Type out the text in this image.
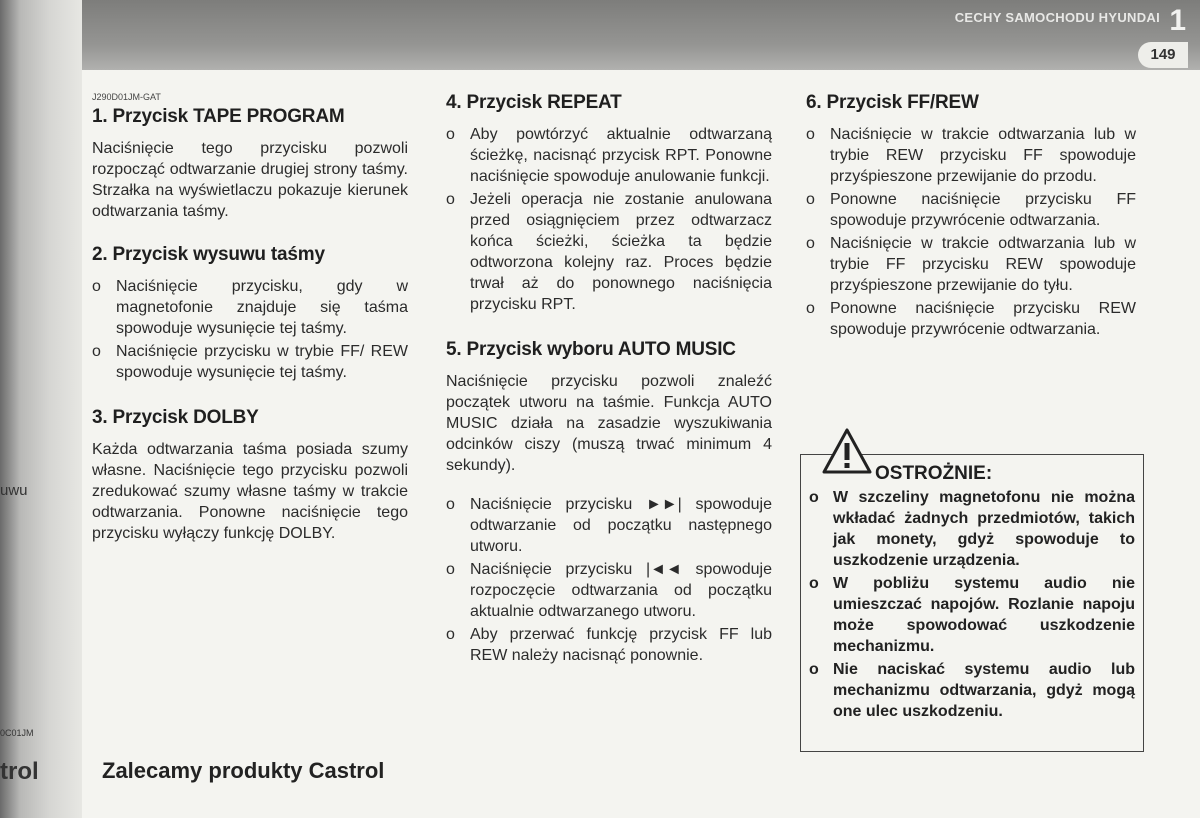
uwu
0C01JM
trol
CECHY SAMOCHODU HYUNDAI 1
149
J290D01JM-GAT
1. Przycisk TAPE PROGRAM

Naciśnięcie tego przycisku pozwoli rozpocząć odtwarzanie drugiej strony taśmy. Strzałka na wyświetlaczu pokazuje kierunek odtwarzania taśmy.

2. Przycisk wysuwu taśmy
o Naciśnięcie przycisku, gdy w magnetofonie znajduje się taśma spowoduje wysunięcie tej taśmy.
o Naciśnięcie przycisku w trybie FF/ REW spowoduje wysunięcie tej taśmy.
3. Przycisk DOLBY

Każda odtwarzania taśma posiada szumy własne. Naciśnięcie tego przycisku pozwoli zredukować szumy własne taśmy w trakcie odtwarzania. Ponowne naciśnięcie tego przycisku wyłączy funkcję DOLBY.

4. Przycisk REPEAT
o Aby powtórzyć aktualnie odtwarzaną ścieżkę, nacisnąć przycisk RPT. Ponowne naciśnięcie spowoduje anulowanie funkcji.
o Jeżeli operacja nie zostanie anulowana przed osiągnięciem przez odtwarzacz końca ścieżki, ścieżka ta będzie odtworzona kolejny raz. Proces będzie trwał aż do ponownego naciśnięcia przycisku RPT.
5. Przycisk wyboru AUTO MUSIC

Naciśnięcie przycisku pozwoli znaleźć początek utworu na taśmie. Funkcja AUTO MUSIC działa na zasadzie wyszukiwania odcinków ciszy (muszą trwać minimum 4 sekundy).

o Naciśnięcie przycisku ►►| spowoduje odtwarzanie od początku następnego utworu.
o Naciśnięcie przycisku |◄◄ spowoduje rozpoczęcie odtwarzania od początku aktualnie odtwarzanego utworu.
o Aby przerwać funkcję przycisk FF lub REW należy nacisnąć ponownie.
6. Przycisk FF/REW
o Naciśnięcie w trakcie odtwarzania lub w trybie REW przycisku FF spowoduje przyśpieszone przewijanie do przodu.
o Ponowne naciśnięcie przycisku FF spowoduje przywrócenie odtwarzania.
o Naciśnięcie w trakcie odtwarzania lub w trybie FF przycisku REW spowoduje przyśpieszone przewijanie do tyłu.
o Ponowne naciśnięcie przycisku REW spowoduje przywrócenie odtwarzania.
OSTROŻNIE:
o W szczeliny magnetofonu nie można wkładać żadnych przedmiotów, takich jak monety, gdyż spowoduje to uszkodzenie urządzenia.
o W pobliżu systemu audio nie umieszczać napojów. Rozlanie napoju może spowodować uszkodzenie mechanizmu.
o Nie naciskać systemu audio lub mechanizmu odtwarzania, gdyż mogą one ulec uszkodzeniu.
Zalecamy produkty Castrol
